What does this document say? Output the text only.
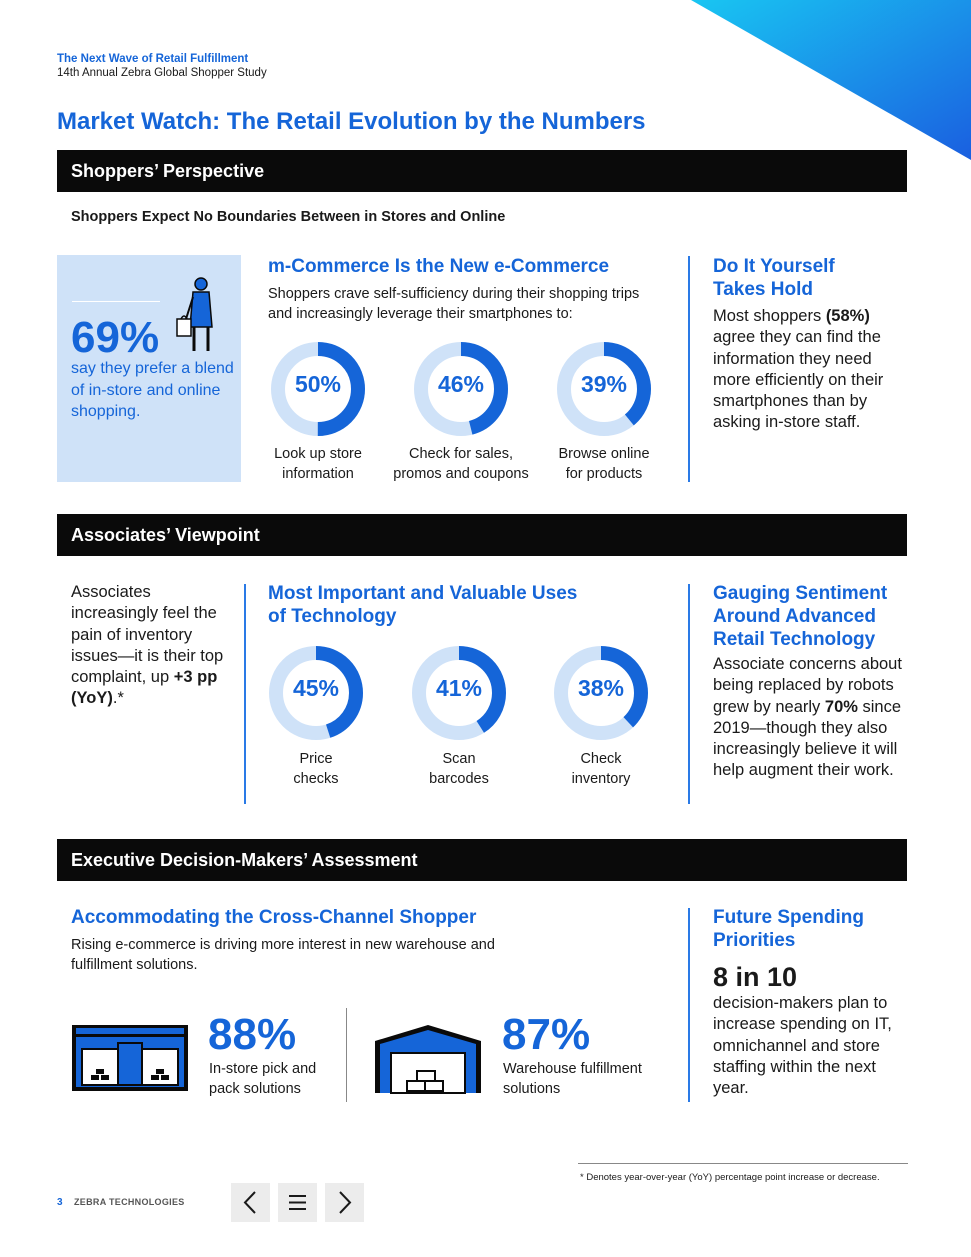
The Next Wave of Retail Fulfillment
14th Annual Zebra Global Shopper Study
Market Watch: The Retail Evolution by the Numbers
Shoppers’ Perspective
Shoppers Expect No Boundaries Between in Stores and Online
69%
say they prefer a blend of in-store and online shopping.
m-Commerce Is the New e-Commerce
Shoppers crave self-sufficiency during their shopping trips and increasingly leverage their smartphones to:
50%
Look up store
information
46%
Check for sales,
promos and coupons
39%
Browse online
for products
Do It Yourself
Takes Hold
Most shoppers (58%) agree they can find the information they need more efficiently on their smartphones than by asking in-store staff.
Associates’ Viewpoint
Associates increasingly feel the pain of inventory issues—it is their top complaint, up +3 pp (YoY).*
Most Important and Valuable Uses
of Technology
45%
Price
checks
41%
Scan
barcodes
38%
Check
inventory
Gauging Sentiment
Around Advanced
Retail Technology
Associate concerns about being replaced by robots grew by nearly 70% since 2019—though they also increasingly believe it will help augment their work.
Executive Decision-Makers’ Assessment
Accommodating the Cross-Channel Shopper
Rising e-commerce is driving more interest in new warehouse and fulfillment solutions.
88%
In-store pick and
pack solutions
87%
Warehouse fulfillment
solutions
Future Spending
Priorities
8 in 10
decision-makers plan to increase spending on IT, omnichannel and store staffing within the next year.
* Denotes year-over-year (YoY) percentage point increase or decrease.
3 ZEBRA TECHNOLOGIES
